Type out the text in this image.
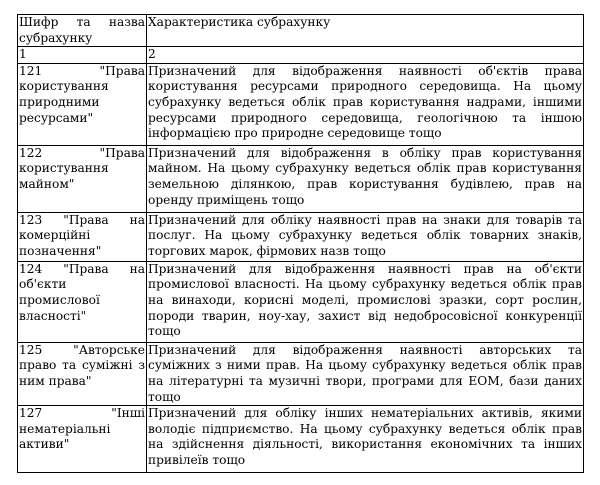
Шифр та назва субрахунку	Характеристика субрахунку
1	2
121 "Права користування природними ресурсами"	Призначений для відображення наявності об'єктів права користування ресурсами природного середовища. На цьому субрахунку ведеться облік прав користування надрами, іншими ресурсами природного середовища, геологічною та іншою інформацією про природне середовище тощо
122 "Права користування майном"	Призначений для відображення в обліку прав користування майном. На цьому субрахунку ведеться облік прав користування земельною ділянкою, прав користування будівлею, прав на оренду приміщень тощо
123 "Права на комерційні позначення"	Призначений для обліку наявності прав на знаки для товарів та послуг. На цьому субрахунку ведеться облік товарних знаків, торгових марок, фірмових назв тощо
124 "Права на об'єкти промислової власності"	Призначений для відображення наявності прав на об'єкти промислової власності. На цьому субрахунку ведеться облік прав на винаходи, корисні моделі, промислові зразки, сорт рослин, породи тварин, ноу-хау, захист від недобросовісної конкуренції тощо
125 "Авторське право та суміжні з ним права"	Призначений для відображення наявності авторських та суміжних з ними прав. На цьому субрахунку ведеться облік прав на літературні та музичні твори, програми для ЕОМ, бази даних тощо
127 "Інші нематеріальні активи"	Призначений для обліку інших нематеріальних активів, якими володіє підприємство. На цьому субрахунку ведеться облік прав на здійснення діяльності, використання економічних та інших привілеїв тощо
